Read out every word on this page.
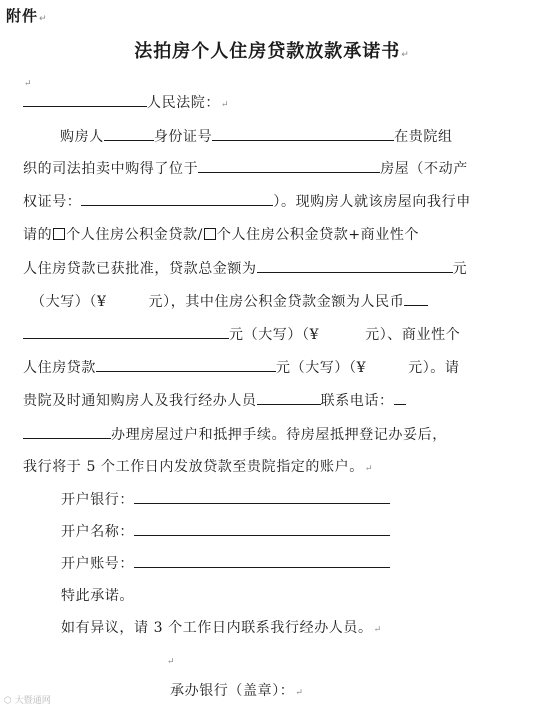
附件↵
法拍房个人住房贷款放款承诺书↵
↵
人民法院：↵
购房人	身份证号	在贵院组
织的司法拍卖中购得了位于	房屋（不动产
权证号：	）。现购房人就该房屋向我行申
请的 个人住房公积金贷款/ 个人住房公积金贷款+商业性个
人住房贷款已获批准，贷款总金额为	元
（大写）（¥	元），其中住房公积金贷款金额为人民币
元（大写）（¥	元）、商业性个
人住房贷款	元（大写）（¥	元）。请
贵院及时通知购房人及我行经办人员	联系电话：
办理房屋过户和抵押手续。待房屋抵押登记办妥后，
我行将于 5 个工作日内发放贷款至贵院指定的账户。↵
开户银行：
开户名称：
开户账号：
特此承诺。
如有异议，请 3 个工作日内联系我行经办人员。↵
↵
承办银行（盖章）：↵
⬡ 大暨通网
